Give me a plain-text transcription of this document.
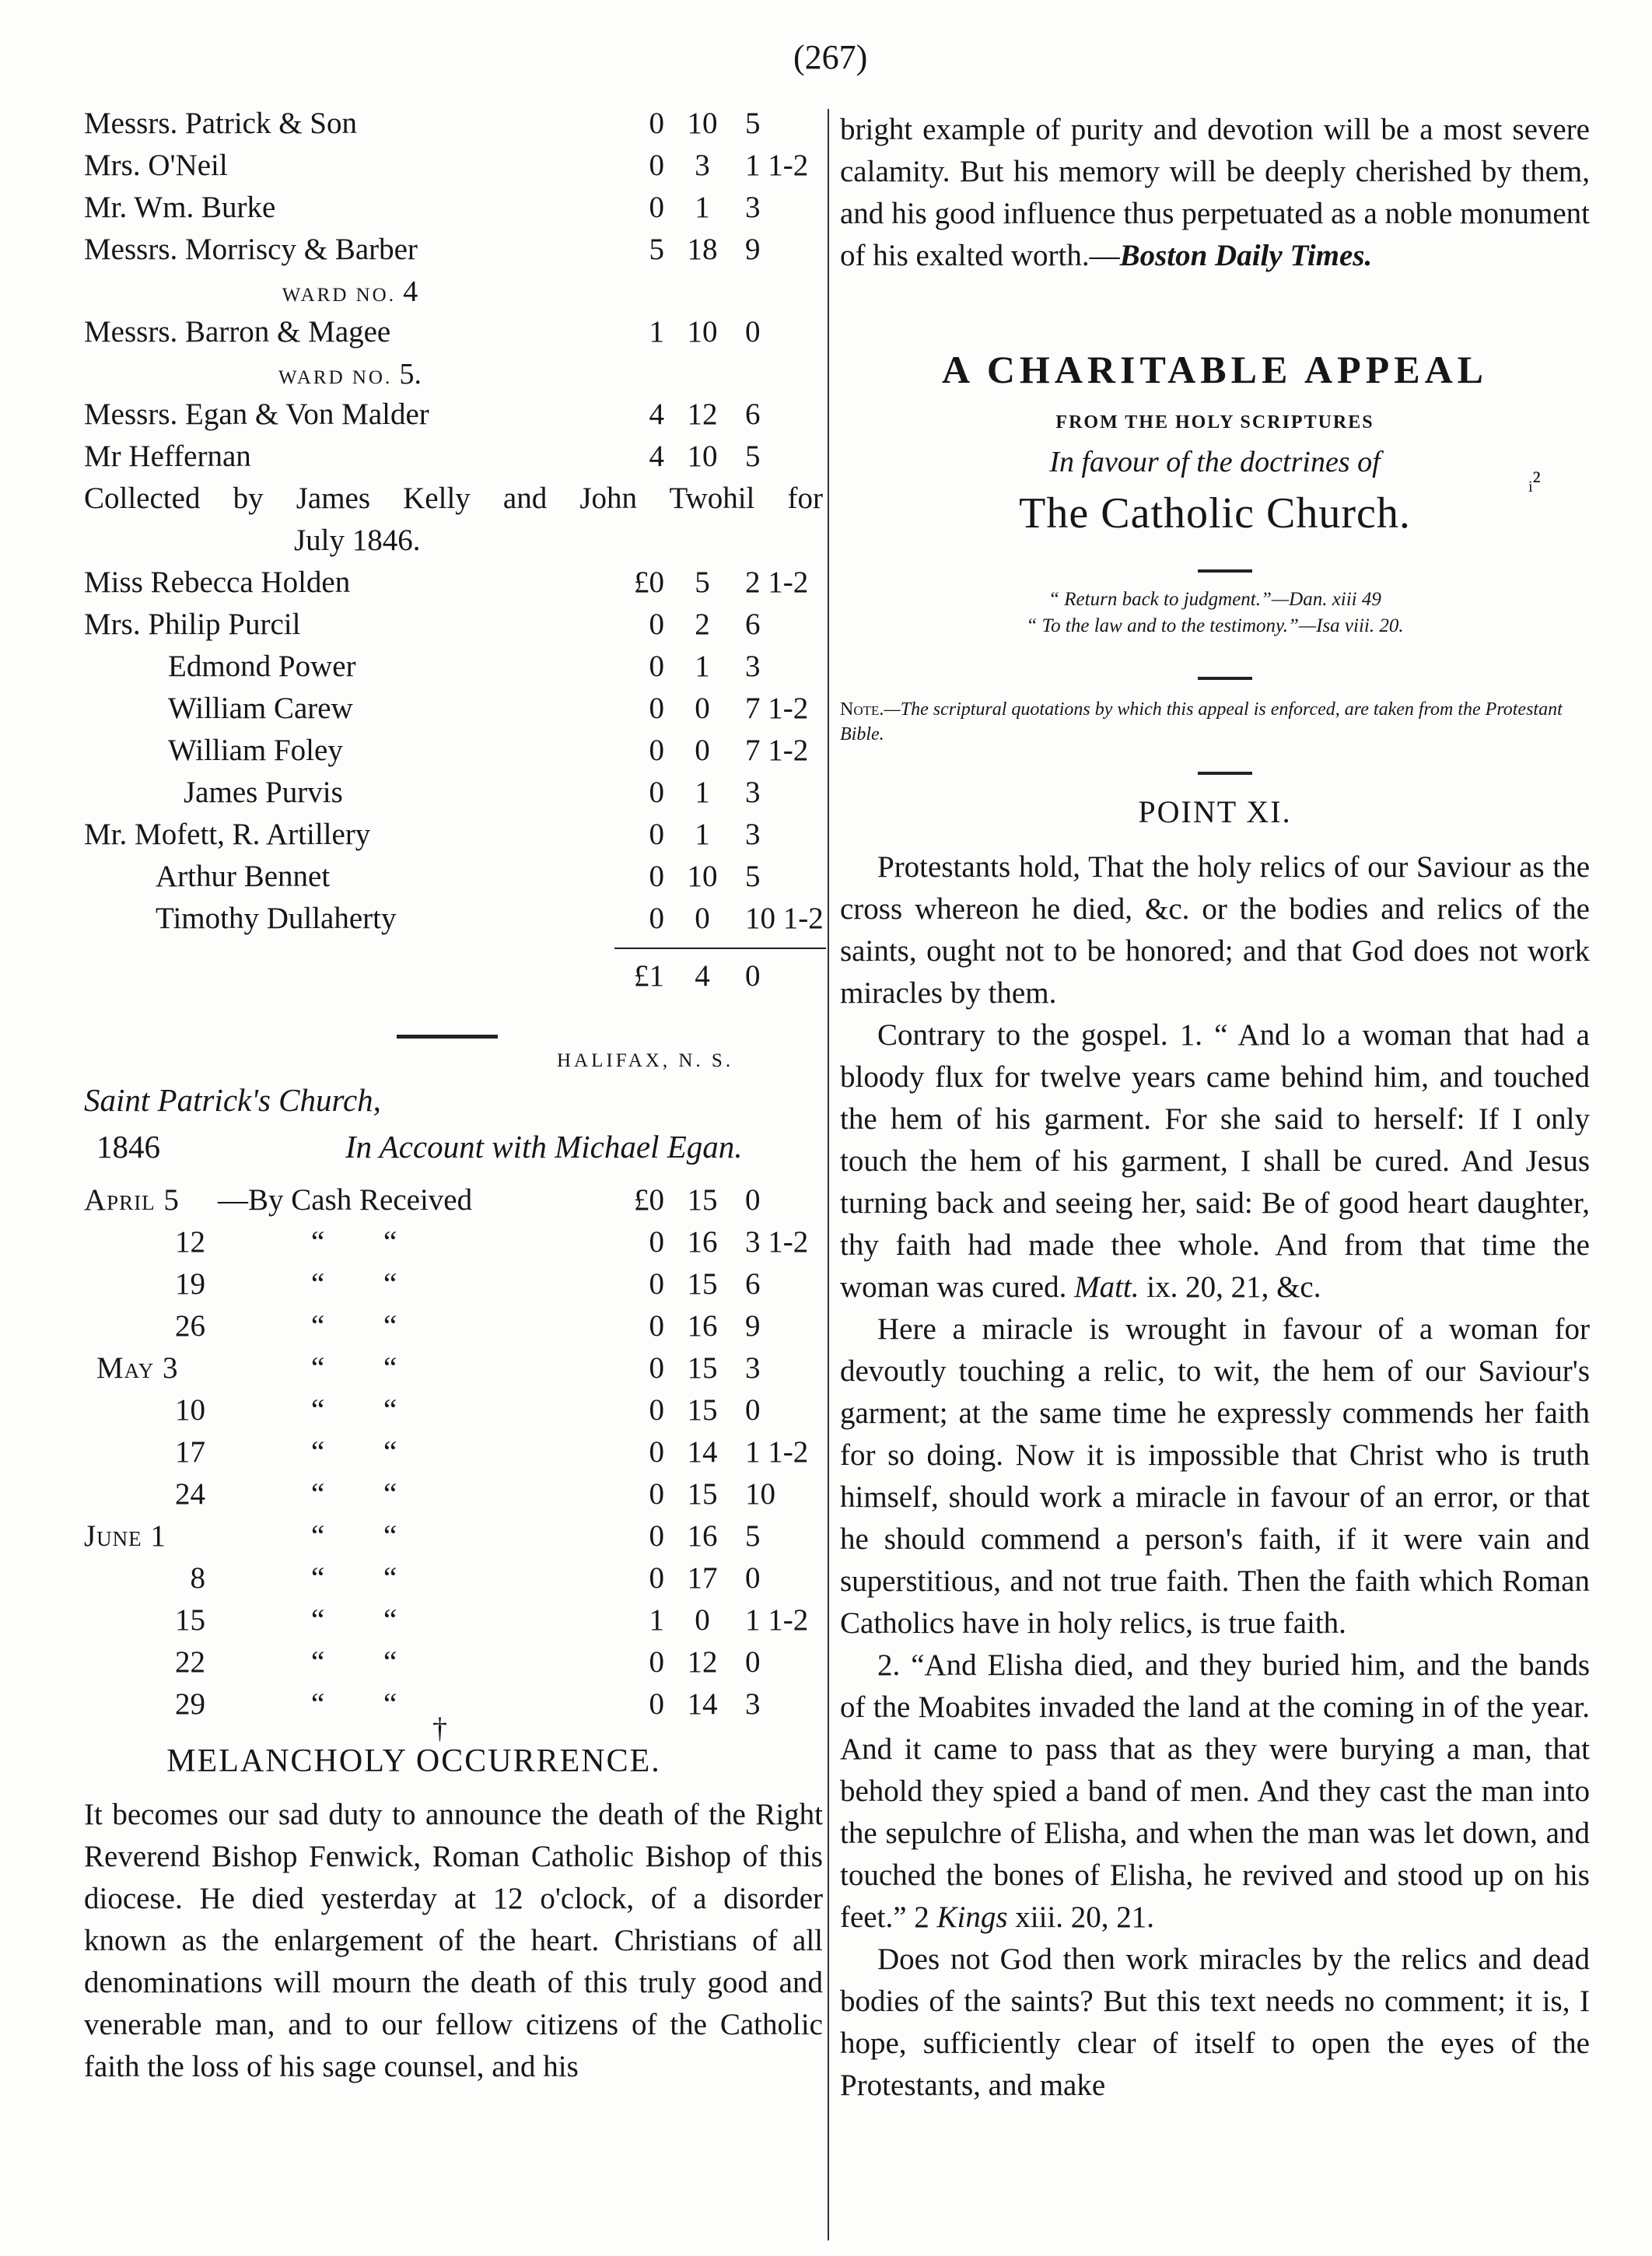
(267)
Messrs. Patrick & Son	0 10 5
Mrs. O'Neil	0	3	1 1-2
Mr. Wm. Burke	0	1	3
Messrs. Morriscy & Barber	5 18 9
WARD NO. 4
Messrs. Barron & Magee	1 10 0
WARD NO. 5.
Messrs. Egan & Von Malder	4 12 6
Mr Heffernan	4 10 5
Collected by James Kelly and John Twohil for
July 1846.
Miss Rebecca Holden	£0	5	2 1-2
Mrs. Philip Purcil	0	2	6
Edmond Power	0	1	3
William Carew	0	0	7 1-2
William Foley	0	0	7 1-2
James Purvis	0	1	3
Mr. Mofett, R. Artillery	0	1	3
Arthur Bennet	0 10 5
Timothy Dullaherty	0	0	10 1-2
£1	4	0
HALIFAX, N. S.
Saint Patrick's Church,
1846	In Account with Michael Egan.
April 5	—By Cash Received	£0 15 0
12	“	“	0 16 3 1-2
19	“	“	0 15 6
26	“	“	0 16 9
May 3	“	“	0 15 3
10	“	“	0 15 0
17	“	“	0 14 1 1-2
24	“	“	0 15 10
June 1	“	“	0 16 5
8	“	“	0 17 0
15	“	“	1	0	1 1-2
22	“	“	0 12 0
29	“	“	0 14 3
†
MELANCHOLY OCCURRENCE.
It becomes our sad duty to announce the death of the Right Reverend Bishop Fenwick, Roman Catholic Bishop of this diocese. He died yesterday at 12 o'clock, of a disorder known as the enlargement of the heart. Christians of all denominations will mourn the death of this truly good and venerable man, and to our fellow citizens of the Catholic faith the loss of his sage counsel, and his
bright example of purity and devotion will be a most severe calamity. But his memory will be deeply cherished by them, and his good influence thus perpetuated as a noble monument of his exalted worth.—Boston Daily Times.
A CHARITABLE APPEAL
FROM THE HOLY SCRIPTURES
In favour of the doctrines of
The Catholic Church.
ᵢ²
“ Return back to judgment.”—Dan. xiii 49
“ To the law and to the testimony.”—Isa viii. 20.
Note.—The scriptural quotations by which this appeal is enforced, are taken from the Protestant Bible.
POINT XI.

Protestants hold, That the holy relics of our Saviour as the cross whereon he died, &c. or the bodies and relics of the saints, ought not to be honored; and that God does not work miracles by them.

Contrary to the gospel. 1. “ And lo a woman that had a bloody flux for twelve years came behind him, and touched the hem of his garment. For she said to herself: If I only touch the hem of his garment, I shall be cured. And Jesus turning back and seeing her, said: Be of good heart daughter, thy faith had made thee whole. And from that time the woman was cured. Matt. ix. 20, 21, &c.

Here a miracle is wrought in favour of a woman for devoutly touching a relic, to wit, the hem of our Saviour's garment; at the same time he expressly commends her faith for so doing. Now it is impossible that Christ who is truth himself, should work a miracle in favour of an error, or that he should commend a person's faith, if it were vain and superstitious, and not true faith. Then the faith which Roman Catholics have in holy relics, is true faith.

2. “And Elisha died, and they buried him, and the bands of the Moabites invaded the land at the coming in of the year. And it came to pass that as they were burying a man, that behold they spied a band of men. And they cast the man into the sepulchre of Elisha, and when the man was let down, and touched the bones of Elisha, he revived and stood up on his feet.” 2 Kings xiii. 20, 21.

Does not God then work miracles by the relics and dead bodies of the saints? But this text needs no comment; it is, I hope, sufficiently clear of itself to open the eyes of the Protestants, and make
